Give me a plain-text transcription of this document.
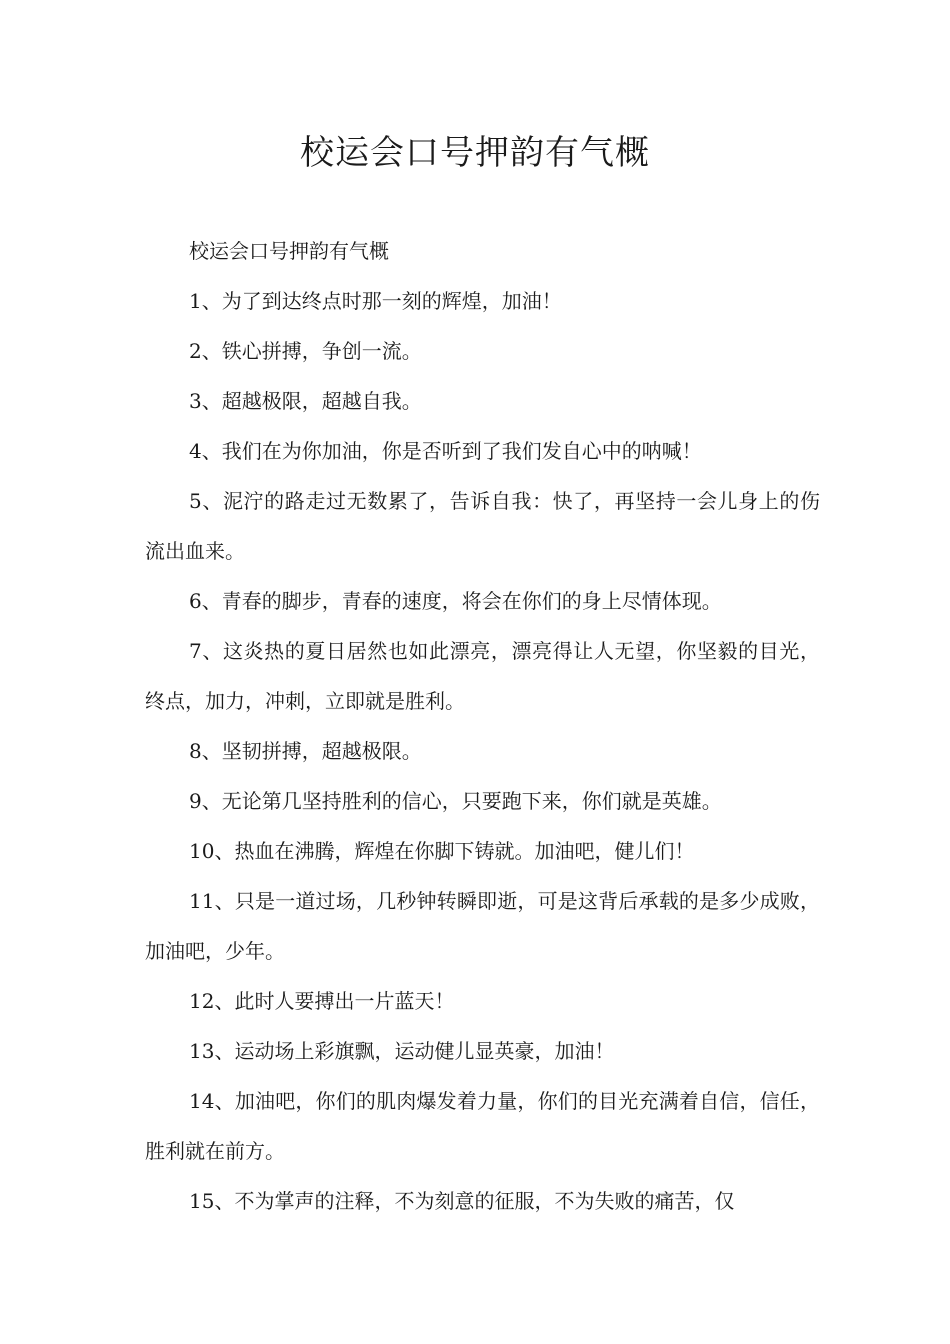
校运会口号押韵有气概

校运会口号押韵有气概

1、为了到达终点时那一刻的辉煌，加油！

2、铁心拼搏，争创一流。

3、超越极限，超越自我。

4、我们在为你加油，你是否听到了我们发自心中的呐喊！

5、泥泞的路走过无数累了，告诉自我：快了，再坚持一会儿身上的伤流出血来。

6、青春的脚步，青春的速度，将会在你们的身上尽情体现。

7、这炎热的夏日居然也如此漂亮，漂亮得让人无望，你坚毅的目光，终点，加力，冲刺，立即就是胜利。

8、坚韧拼搏，超越极限。

9、无论第几坚持胜利的信心，只要跑下来，你们就是英雄。

10、热血在沸腾，辉煌在你脚下铸就。加油吧，健儿们！

11、只是一道过场，几秒钟转瞬即逝，可是这背后承载的是多少成败，加油吧，少年。

12、此时人要搏出一片蓝天！

13、运动场上彩旗飘，运动健儿显英豪，加油！

14、加油吧，你们的肌肉爆发着力量，你们的目光充满着自信，信任，胜利就在前方。

15、不为掌声的注释，不为刻意的征服，不为失败的痛苦，仅
